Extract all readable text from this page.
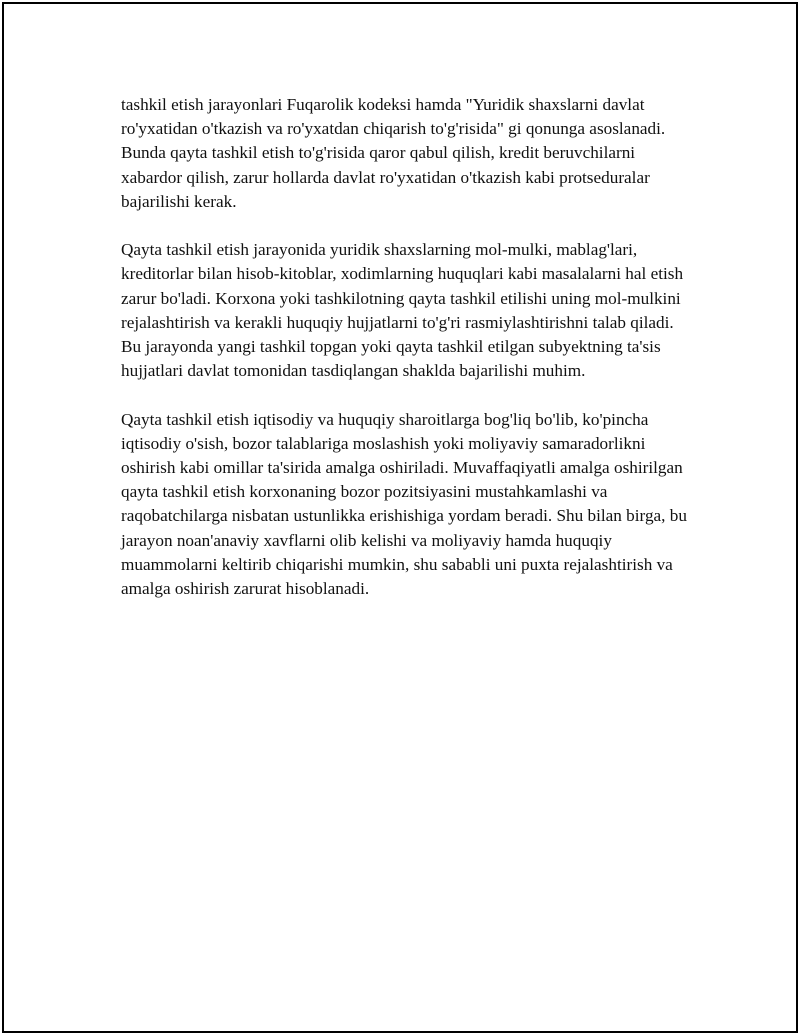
tashkil etish jarayonlari Fuqarolik kodeksi hamda "Yuridik shaxslarni davlat ro'yxatidan o'tkazish va ro'yxatdan chiqarish to'g'risida" gi qonunga asoslanadi. Bunda qayta tashkil etish to'g'risida qaror qabul qilish, kredit beruvchilarni xabardor qilish, zarur hollarda davlat ro'yxatidan o'tkazish kabi protseduralar bajarilishi kerak.

Qayta tashkil etish jarayonida yuridik shaxslarning mol-mulki, mablag'lari, kreditorlar bilan hisob-kitoblar, xodimlarning huquqlari kabi masalalarni hal etish zarur bo'ladi. Korxona yoki tashkilotning qayta tashkil etilishi uning mol-mulkini rejalashtirish va kerakli huquqiy hujjatlarni to'g'ri rasmiylashtirishni talab qiladi. Bu jarayonda yangi tashkil topgan yoki qayta tashkil etilgan subyektning ta'sis hujjatlari davlat tomonidan tasdiqlangan shaklda bajarilishi muhim.

Qayta tashkil etish iqtisodiy va huquqiy sharoitlarga bog'liq bo'lib, ko'pincha iqtisodiy o'sish, bozor talablariga moslashish yoki moliyaviy samaradorlikni oshirish kabi omillar ta'sirida amalga oshiriladi. Muvaffaqiyatli amalga oshirilgan qayta tashkil etish korxonaning bozor pozitsiyasini mustahkamlashi va raqobatchilarga nisbatan ustunlikka erishishiga yordam beradi. Shu bilan birga, bu jarayon noan'anaviy xavflarni olib kelishi va moliyaviy hamda huquqiy muammolarni keltirib chiqarishi mumkin, shu sababli uni puxta rejalashtirish va amalga oshirish zarurat hisoblanadi.
